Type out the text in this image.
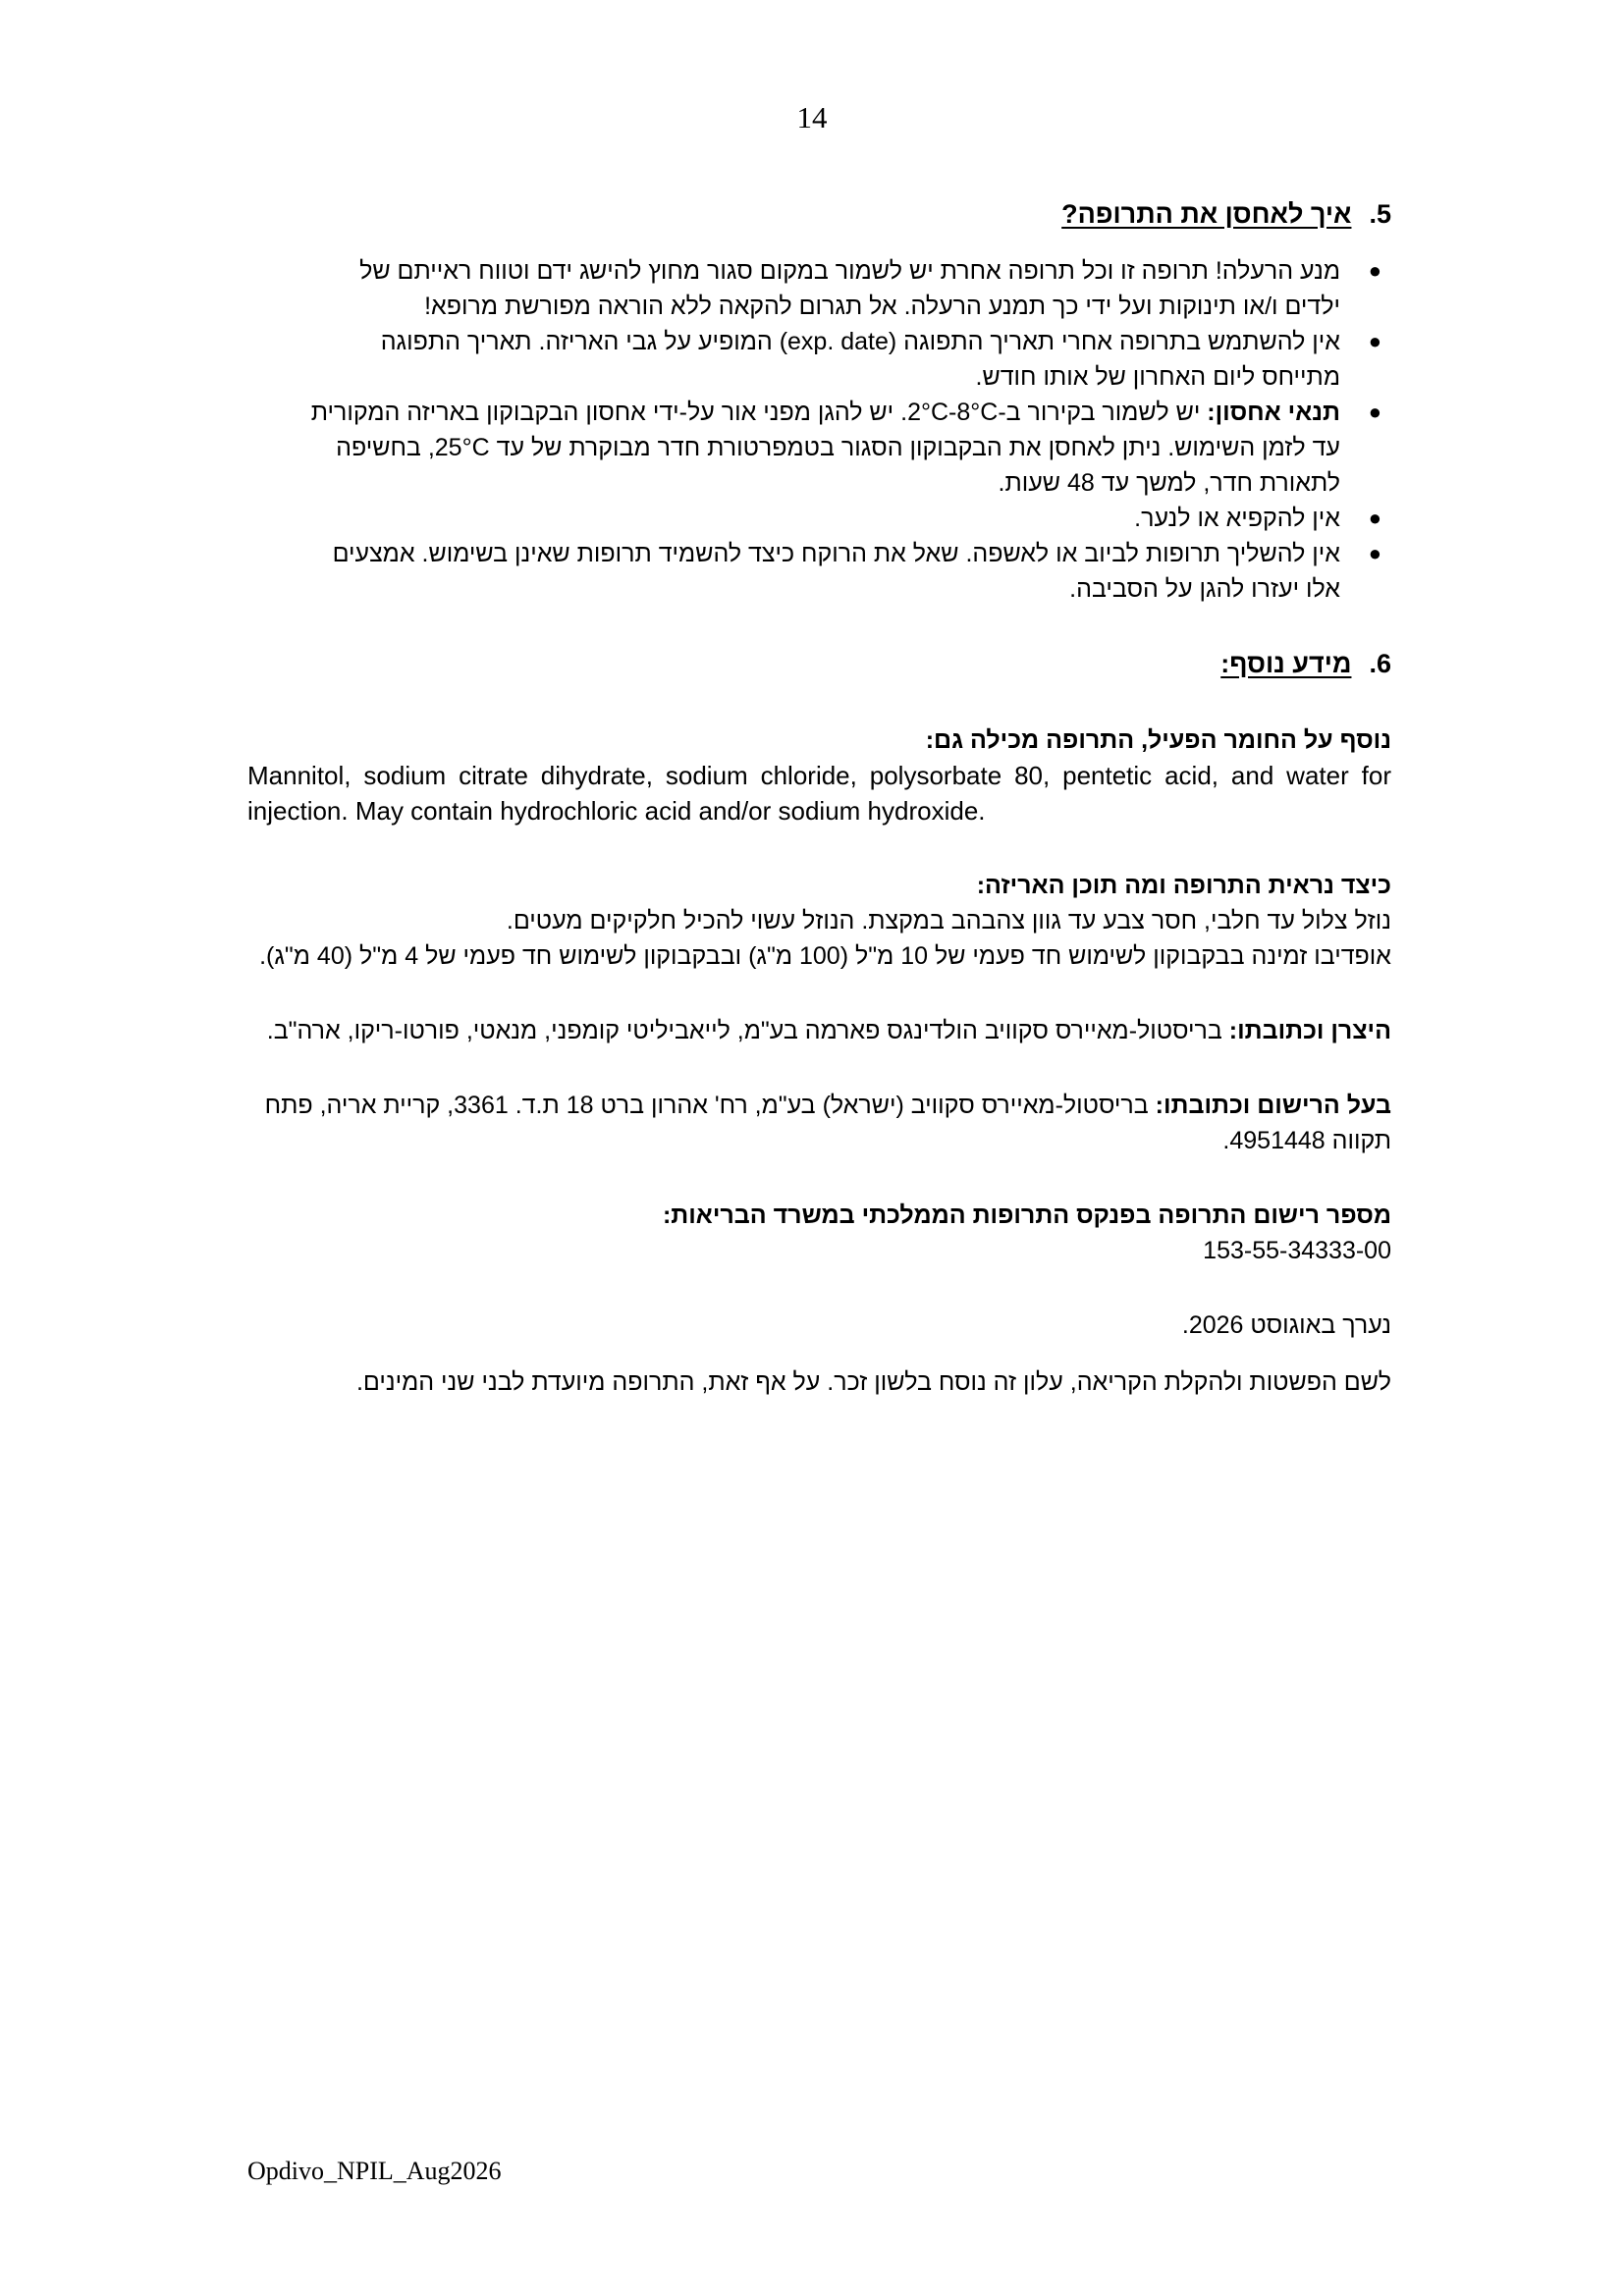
14
.5איך לאחסן את התרופה?
●
מנע הרעלה! תרופה זו וכל תרופה אחרת יש לשמור במקום סגור מחוץ להישג ידם וטווח ראייתם של ילדים ו/או תינוקות ועל ידי כך תמנע הרעלה. אל תגרום להקאה ללא הוראה מפורשת מרופא!
●
אין להשתמש בתרופה אחרי תאריך התפוגה (exp. date) המופיע על גבי האריזה. תאריך התפוגה מתייחס ליום האחרון של אותו חודש.
●
תנאי אחסון: יש לשמור בקירור ב-2°C-8°C. יש להגן מפני אור על-ידי אחסון הבקבוקון באריזה המקורית עד לזמן השימוש. ניתן לאחסן את הבקבוקון הסגור בטמפרטורת חדר מבוקרת של עד 25°C, בחשיפה לתאורת חדר, למשך עד 48 שעות.
●
אין להקפיא או לנער.
●
אין להשליך תרופות לביוב או לאשפה. שאל את הרוקח כיצד להשמיד תרופות שאינן בשימוש. אמצעים אלו יעזרו להגן על הסביבה.
.6מידע נוסף:
נוסף על החומר הפעיל, התרופה מכילה גם:
Mannitol, sodium citrate dihydrate, sodium chloride, polysorbate 80, pentetic acid, and water for injection. May contain hydrochloric acid and/or sodium hydroxide.
כיצד נראית התרופה ומה תוכן האריזה:
נוזל צלול עד חלבי, חסר צבע עד גוון צהבהב במקצת. הנוזל עשוי להכיל חלקיקים מעטים.
אופדיבו זמינה בבקבוקון לשימוש חד פעמי של 10 מ"ל (100 מ"ג) ובבקבוקון לשימוש חד פעמי של 4 מ"ל (40 מ"ג).
היצרן וכתובתו: בריסטול-מאיירס סקוויב הולדינגס פארמה בע"מ, לייאביליטי קומפני, מנאטי, פורטו-ריקו, ארה"ב.
בעל הרישום וכתובתו: בריסטול-מאיירס סקוויב (ישראל) בע"מ, רח' אהרון ברט 18 ת.ד. 3361, קריית אריה, פתח תקווה 4951448.
מספר רישום התרופה בפנקס התרופות הממלכתי במשרד הבריאות:
153-55-34333-00
נערך באוגוסט 2026.
לשם הפשטות ולהקלת הקריאה, עלון זה נוסח בלשון זכר. על אף זאת, התרופה מיועדת לבני שני המינים.
Opdivo_NPIL_Aug2026
